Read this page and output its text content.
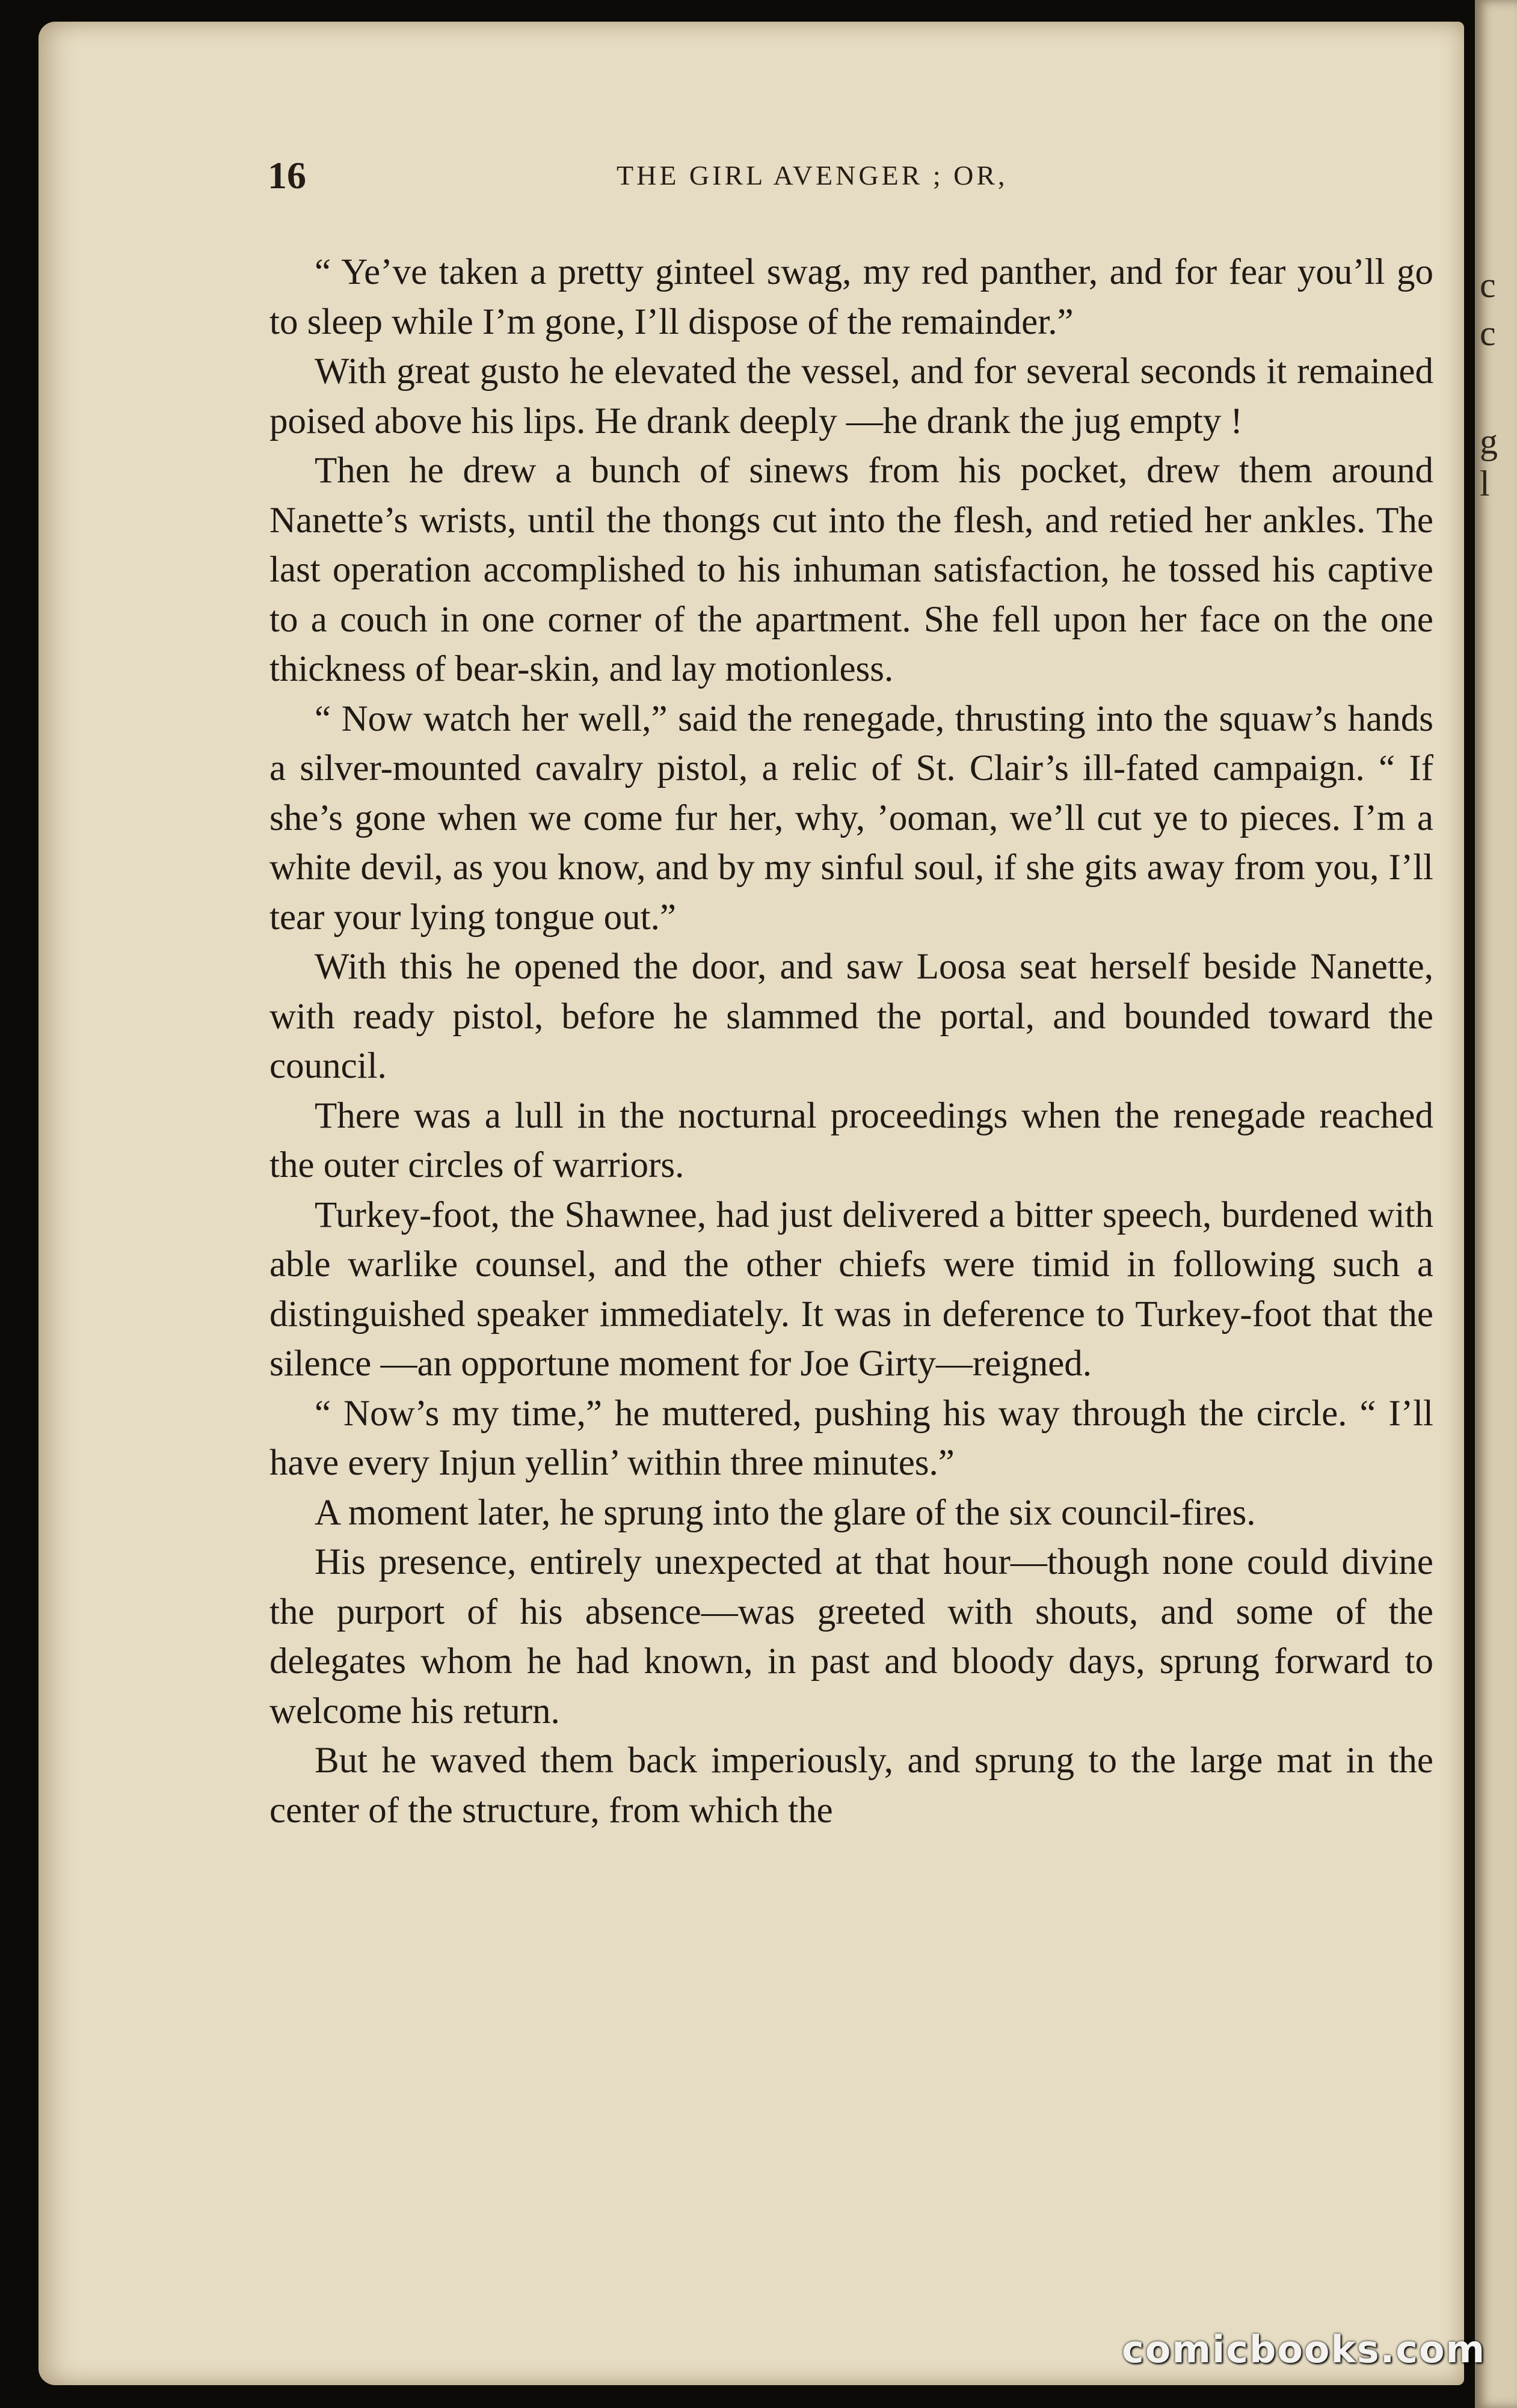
c
c
g
l
16	THE GIRL AVENGER ; OR,

“ Ye’ve taken a pretty ginteel swag, my red panther, and for fear you’ll go to sleep while I’m gone, I’ll dispose of the remainder.”

With great gusto he elevated the vessel, and for several seconds it remained poised above his lips. He drank deeply —he drank the jug empty !

Then he drew a bunch of sinews from his pocket, drew them around Nanette’s wrists, until the thongs cut into the flesh, and retied her ankles. The last operation accomplished to his inhuman satisfaction, he tossed his captive to a couch in one corner of the apartment. She fell upon her face on the one thickness of bear-skin, and lay motionless.

“ Now watch her well,” said the renegade, thrusting into the squaw’s hands a silver-mounted cavalry pistol, a relic of St. Clair’s ill-fated campaign. “ If she’s gone when we come fur her, why, ’ooman, we’ll cut ye to pieces. I’m a white devil, as you know, and by my sinful soul, if she gits away from you, I’ll tear your lying tongue out.”

With this he opened the door, and saw Loosa seat herself beside Nanette, with ready pistol, before he slammed the portal, and bounded toward the council.

There was a lull in the nocturnal proceedings when the renegade reached the outer circles of warriors.

Turkey-foot, the Shawnee, had just delivered a bitter speech, burdened with able warlike counsel, and the other chiefs were timid in following such a distinguished speaker immediately. It was in deference to Turkey-foot that the silence —an opportune moment for Joe Girty—reigned.

“ Now’s my time,” he muttered, pushing his way through the circle. “ I’ll have every Injun yellin’ within three minutes.”

A moment later, he sprung into the glare of the six council-fires.

His presence, entirely unexpected at that hour—though none could divine the purport of his absence—was greeted with shouts, and some of the delegates whom he had known, in past and bloody days, sprung forward to welcome his return.

But he waved them back imperiously, and sprung to the large mat in the center of the structure, from which the

comicbooks.com
